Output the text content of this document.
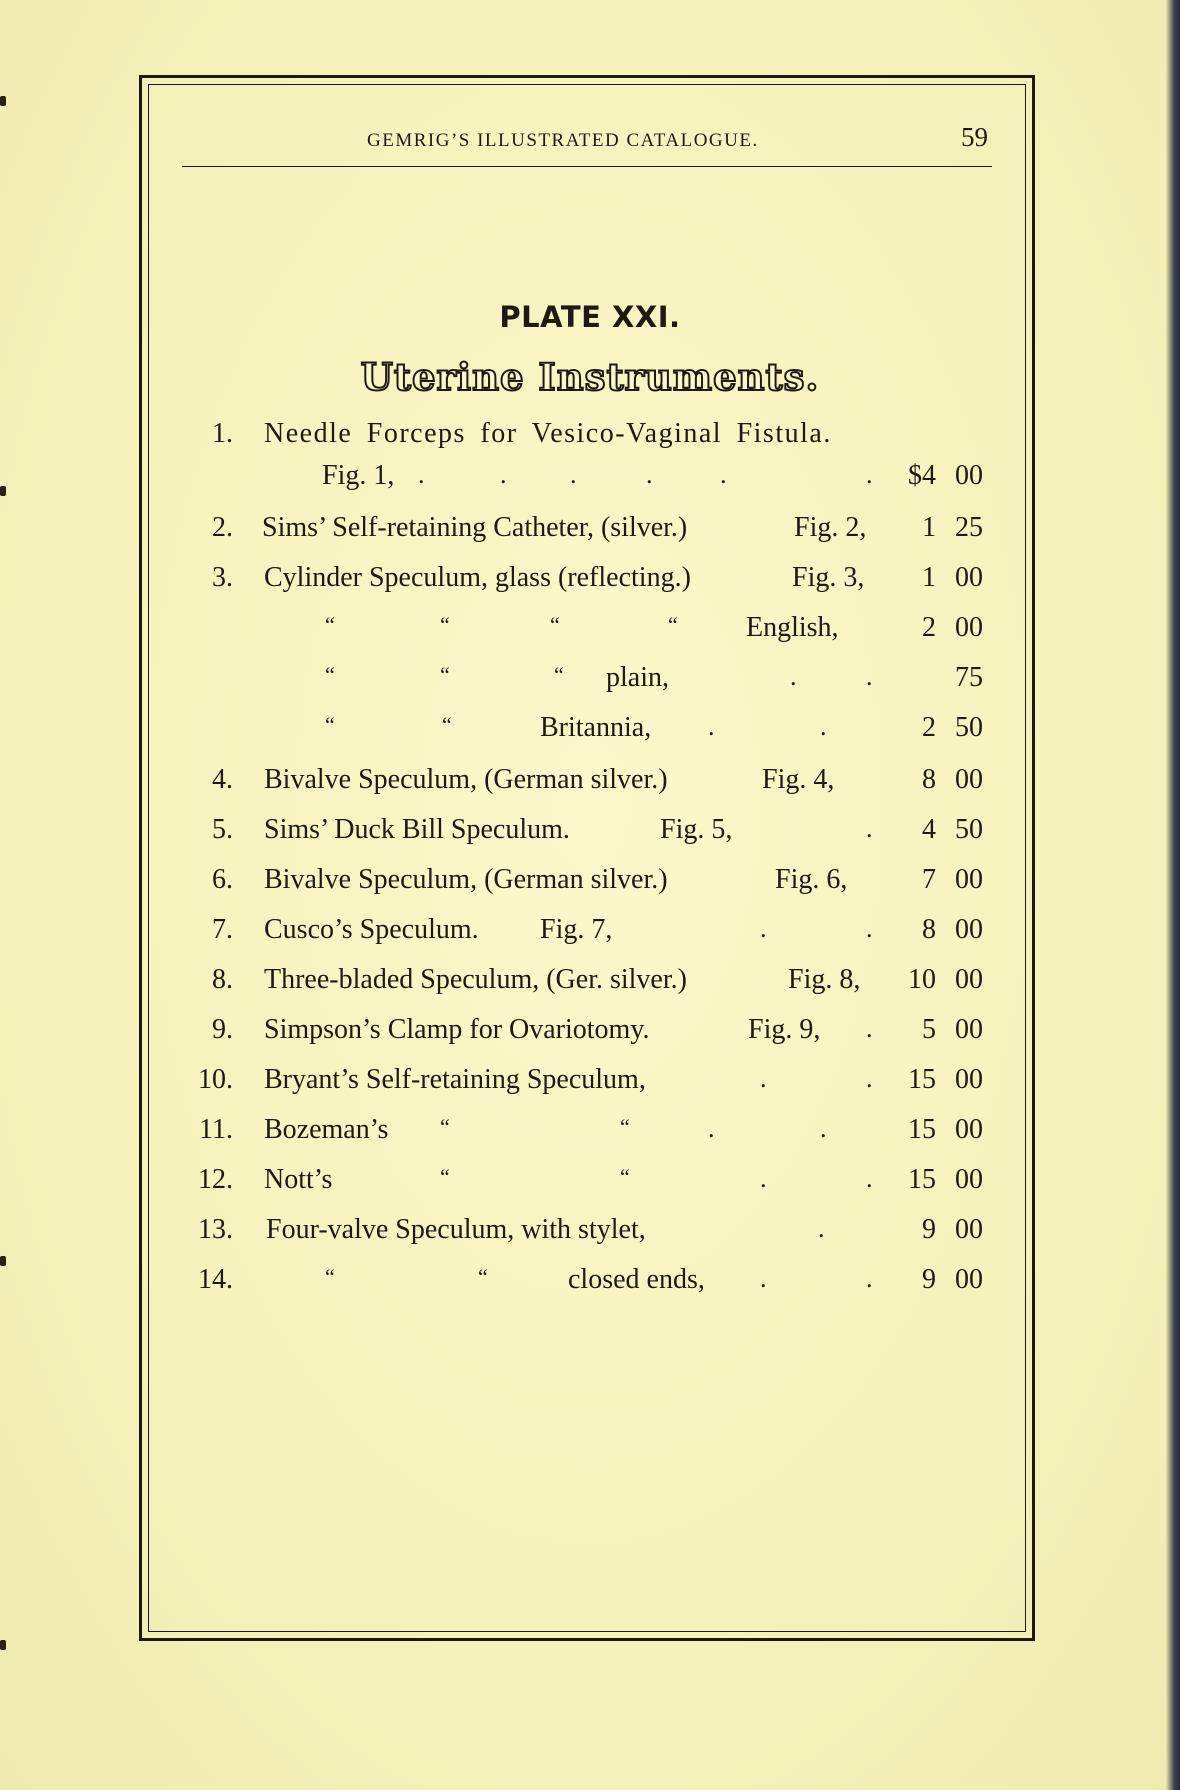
GEMRIG’S ILLUSTRATED CATALOGUE.	59
PLATE XXI.
Uterine Instruments.
1. Needle Forceps for Vesico-Vaginal Fistula.
Fig. 1, .	. .	.	.	.	$4 00
2. Sims’ Self-retaining Catheter, (silver.)	Fig. 2,	1 25
3. Cylinder Speculum, glass (reflecting.)	Fig. 3,	1 00
“	“	“	“ English,	2 00
“	“	“ plain,	.	.	75
“	“	Britannia, .	.	2 50
4. Bivalve Speculum, (German silver.)	Fig. 4,	8 00
5. Sims’ Duck Bill Speculum.	Fig. 5,	.	4 50
6. Bivalve Speculum, (German silver.)	Fig. 6,	7 00
7. Cusco’s Speculum. Fig. 7,	.	.	8 00
8. Three-bladed Speculum, (Ger. silver.)	Fig. 8,	10 00
9. Simpson’s Clamp for Ovariotomy.	Fig. 9, .	5 00
10. Bryant’s Self-retaining Speculum,	.	.	15 00
11. Bozeman’s “	“	.	.	15 00
12. Nott’s	“	“	.	.	15 00
13. Four-valve Speculum, with stylet,	.	9 00
14.	“	“	closed ends, .	.	9 00
